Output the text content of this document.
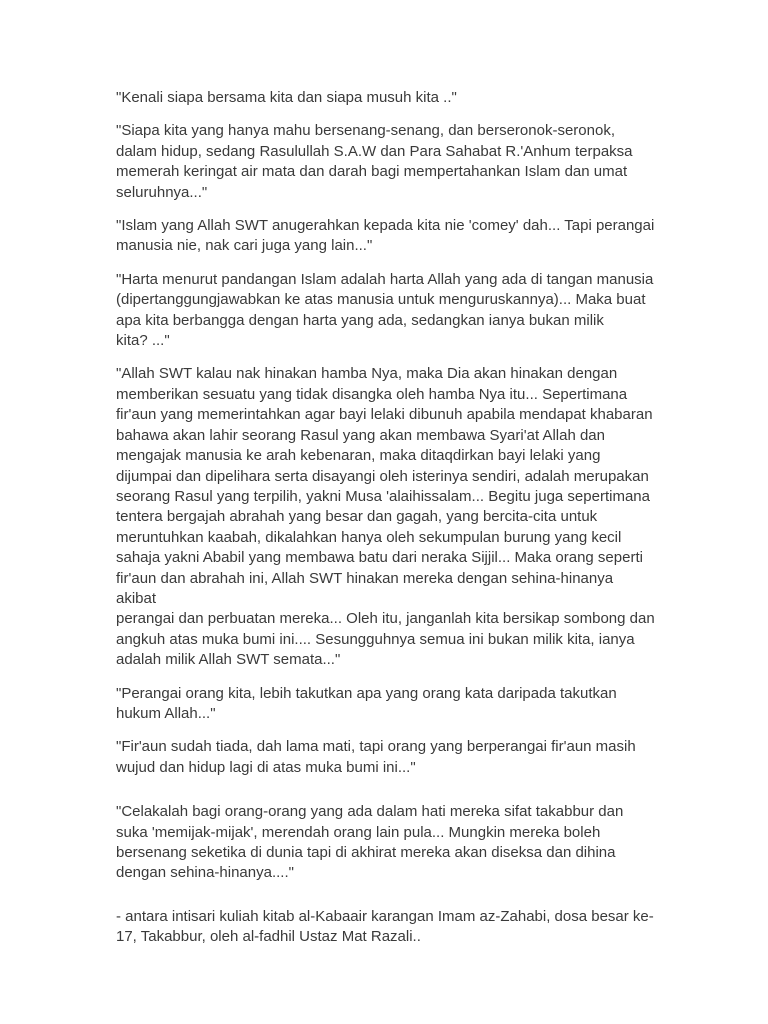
"Kenali siapa bersama kita dan siapa musuh kita .."

"Siapa kita yang hanya mahu bersenang-senang, dan berseronok-seronok,
dalam hidup, sedang Rasulullah S.A.W dan Para Sahabat R.'Anhum terpaksa
memerah keringat air mata dan darah bagi mempertahankan Islam dan umat
seluruhnya..."

"Islam yang Allah SWT anugerahkan kepada kita nie 'comey' dah... Tapi perangai
manusia nie, nak cari juga yang lain..."

"Harta menurut pandangan Islam adalah harta Allah yang ada di tangan manusia
(dipertanggungjawabkan ke atas manusia untuk menguruskannya)... Maka buat
apa kita berbangga dengan harta yang ada, sedangkan ianya bukan milik
kita? ..."

"Allah SWT kalau nak hinakan hamba Nya, maka Dia akan hinakan dengan
memberikan sesuatu yang tidak disangka oleh hamba Nya itu... Sepertimana
fir'aun yang memerintahkan agar bayi lelaki dibunuh apabila mendapat khabaran
bahawa akan lahir seorang Rasul yang akan membawa Syari'at Allah dan
mengajak manusia ke arah kebenaran, maka ditaqdirkan bayi lelaki yang
dijumpai dan dipelihara serta disayangi oleh isterinya sendiri, adalah merupakan
seorang Rasul yang terpilih, yakni Musa 'alaihissalam... Begitu juga sepertimana
tentera bergajah abrahah yang besar dan gagah, yang bercita-cita untuk
meruntuhkan kaabah, dikalahkan hanya oleh sekumpulan burung yang kecil
sahaja yakni Ababil yang membawa batu dari neraka Sijjil... Maka orang seperti
fir'aun dan abrahah ini, Allah SWT hinakan mereka dengan sehina-hinanya akibat
perangai dan perbuatan mereka... Oleh itu, janganlah kita bersikap sombong dan
angkuh atas muka bumi ini.... Sesungguhnya semua ini bukan milik kita, ianya
adalah milik Allah SWT semata..."

"Perangai orang kita, lebih takutkan apa yang orang kata daripada takutkan
hukum Allah..."

"Fir'aun sudah tiada, dah lama mati, tapi orang yang berperangai fir'aun masih
wujud dan hidup lagi di atas muka bumi ini..."

"Celakalah bagi orang-orang yang ada dalam hati mereka sifat takabbur dan
suka 'memijak-mijak', merendah orang lain pula... Mungkin mereka boleh
bersenang seketika di dunia tapi di akhirat mereka akan diseksa dan dihina
dengan sehina-hinanya...."

- antara intisari kuliah kitab al-Kabaair karangan Imam az-Zahabi, dosa besar ke-
17, Takabbur, oleh al-fadhil Ustaz Mat Razali..
